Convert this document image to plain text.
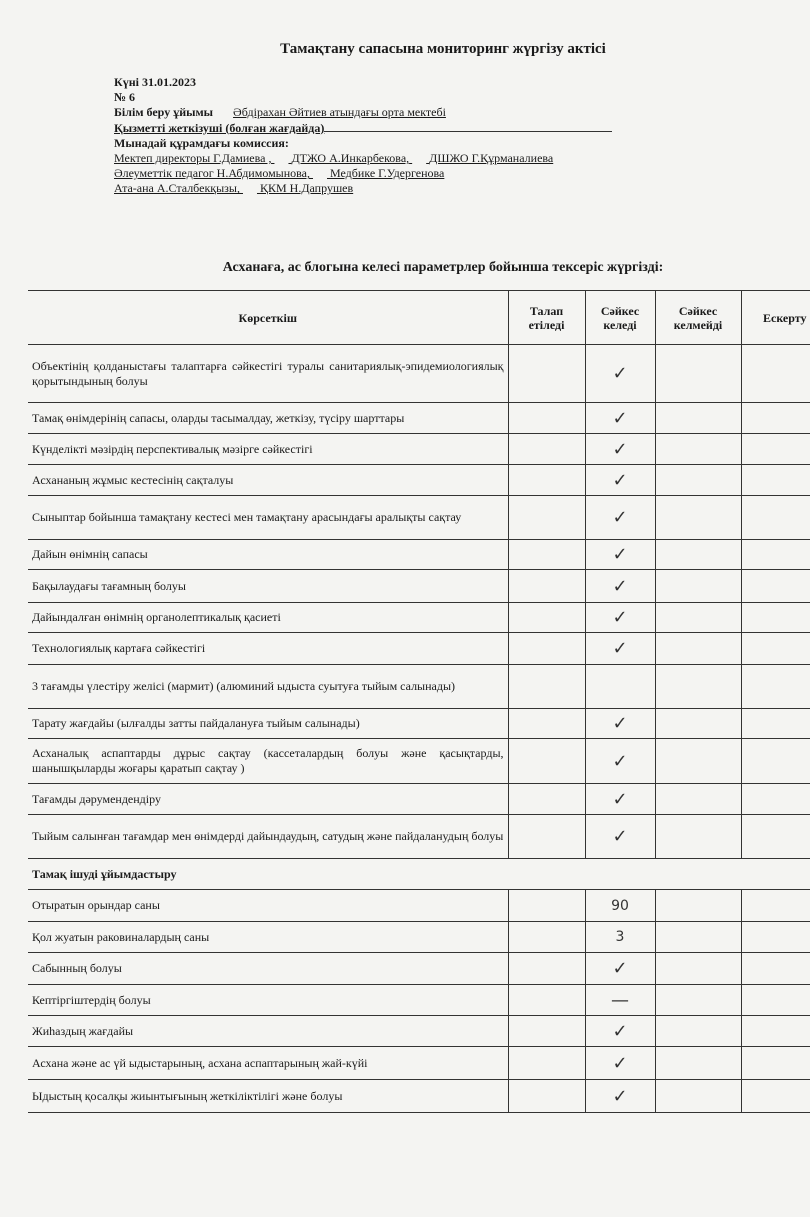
Тамақтану сапасына мониторинг жүргізу актісі
Күні 31.01.2023
№ 6
Білім беру ұйымы Әбдірахан Әйтиев атындағы орта мектебі
Қызметті жеткізуші (болған жағдайда)
Мынадай құрамдағы комиссия:
Мектеп директоры Г.Дамиева , ДТЖО А.Инкарбекова, ДШЖО Г.Құрманалиева
Әлеуметтік педагог Н.Абдимомынова, Медбике Г.Удергенова
Ата-ана А.Сталбекқызы, ҚКМ Н.Дапрушев
Асханаға, ас блогына келесі параметрлер бойынша тексеріс жүргізді:
Көрсеткіш	Талап етіледі	Сәйкес келеді	Сәйкес келмейді	Ескерту
Объектінің қолданыстағы талаптарға сәйкестігі туралы санитариялық-эпидемиологиялық қорытындының болуы		✓		
Тамақ өнімдерінің сапасы, оларды тасымалдау, жеткізу, түсіру шарттары		✓		
Күнделікті мәзірдің перспективалық мәзірге сәйкестігі		✓		
Асхананың жұмыс кестесінің сақталуы		✓		
Сыныптар бойынша тамақтану кестесі мен тамақтану арасындағы аралықты сақтау		✓		
Дайын өнімнің сапасы		✓		
Бақылаудағы тағамның болуы		✓		
Дайындалған өнімнің органолептикалық қасиеті		✓		
Технологиялық картаға сәйкестігі		✓		
3 тағамды үлестіру желісі (мармит) (алюминий ыдыста суытуға тыйым салынады)				
Тарату жағдайы (ылғалды затты пайдалануға тыйым салынады)		✓		
Асханалық аспаптарды дұрыс сақтау (кассеталардың болуы және қасықтарды, шанышқыларды жоғары қаратып сақтау )		✓		
Тағамды дәрумендендіру		✓		
Тыйым салынған тағамдар мен өнімдерді дайындаудың, сатудың және пайдаланудың болуы		✓		
Тамақ ішуді ұйымдастыру				
Отыратын орындар саны		90		
Қол жуатын раковиналардың саны		3		
Сабынның болуы		✓		
Кептіргіштердің болуы		—		
Жиһаздың жағдайы		✓		
Асхана және ас үй ыдыстарының, асхана аспаптарының жай-күйі		✓		
Ыдыстың қосалқы жиынтығының жеткіліктілігі және болуы		✓		
